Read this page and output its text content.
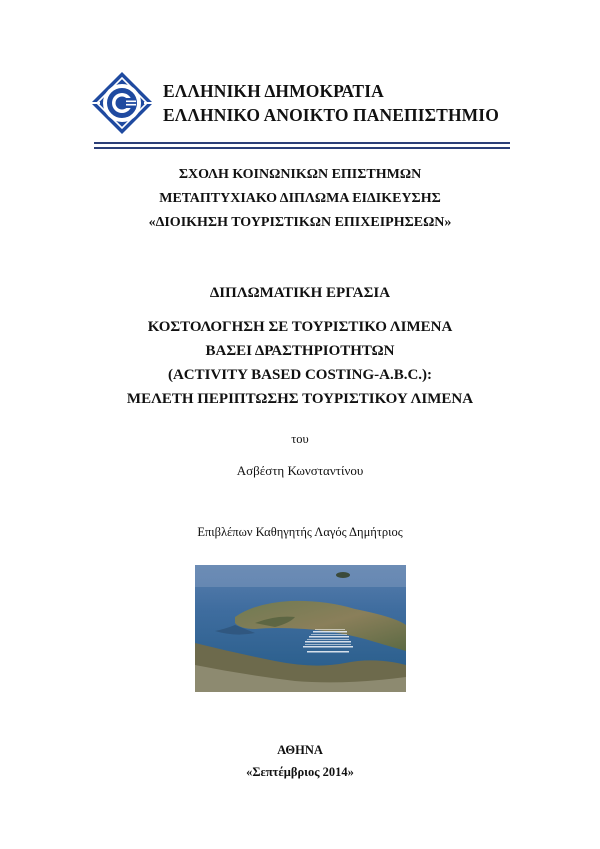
ΕΛΛΗΝΙΚΗ ΔΗΜΟΚΡΑΤΙΑ
ΕΛΛΗΝΙΚΟ ΑΝΟΙΚΤΟ ΠΑΝΕΠΙΣΤΗΜΙΟ
ΣΧΟΛΗ ΚΟΙΝΩΝΙΚΩΝ ΕΠΙΣΤΗΜΩΝ
ΜΕΤΑΠΤΥΧΙΑΚΟ ΔΙΠΛΩΜΑ ΕΙΔΙΚΕΥΣΗΣ
«ΔΙΟΙΚΗΣΗ ΤΟΥΡΙΣΤΙΚΩΝ ΕΠΙΧΕΙΡΗΣΕΩΝ»
ΔΙΠΛΩΜΑΤΙΚΗ ΕΡΓΑΣΙΑ
ΚΟΣΤΟΛΟΓΗΣΗ ΣΕ ΤΟΥΡΙΣΤΙΚΟ ΛΙΜΕΝΑ
ΒΑΣΕΙ ΔΡΑΣΤΗΡΙΟΤΗΤΩΝ
(ACTIVITY BASED COSTING-A.B.C.):
ΜΕΛΕΤΗ ΠΕΡΙΠΤΩΣΗΣ ΤΟΥΡΙΣΤΙΚΟΥ ΛΙΜΕΝΑ
του
Ασβέστη Κωνσταντίνου
Επιβλέπων Καθηγητής Λαγός Δημήτριος
ΑΘΗΝΑ
«Σεπτέμβριος 2014»
